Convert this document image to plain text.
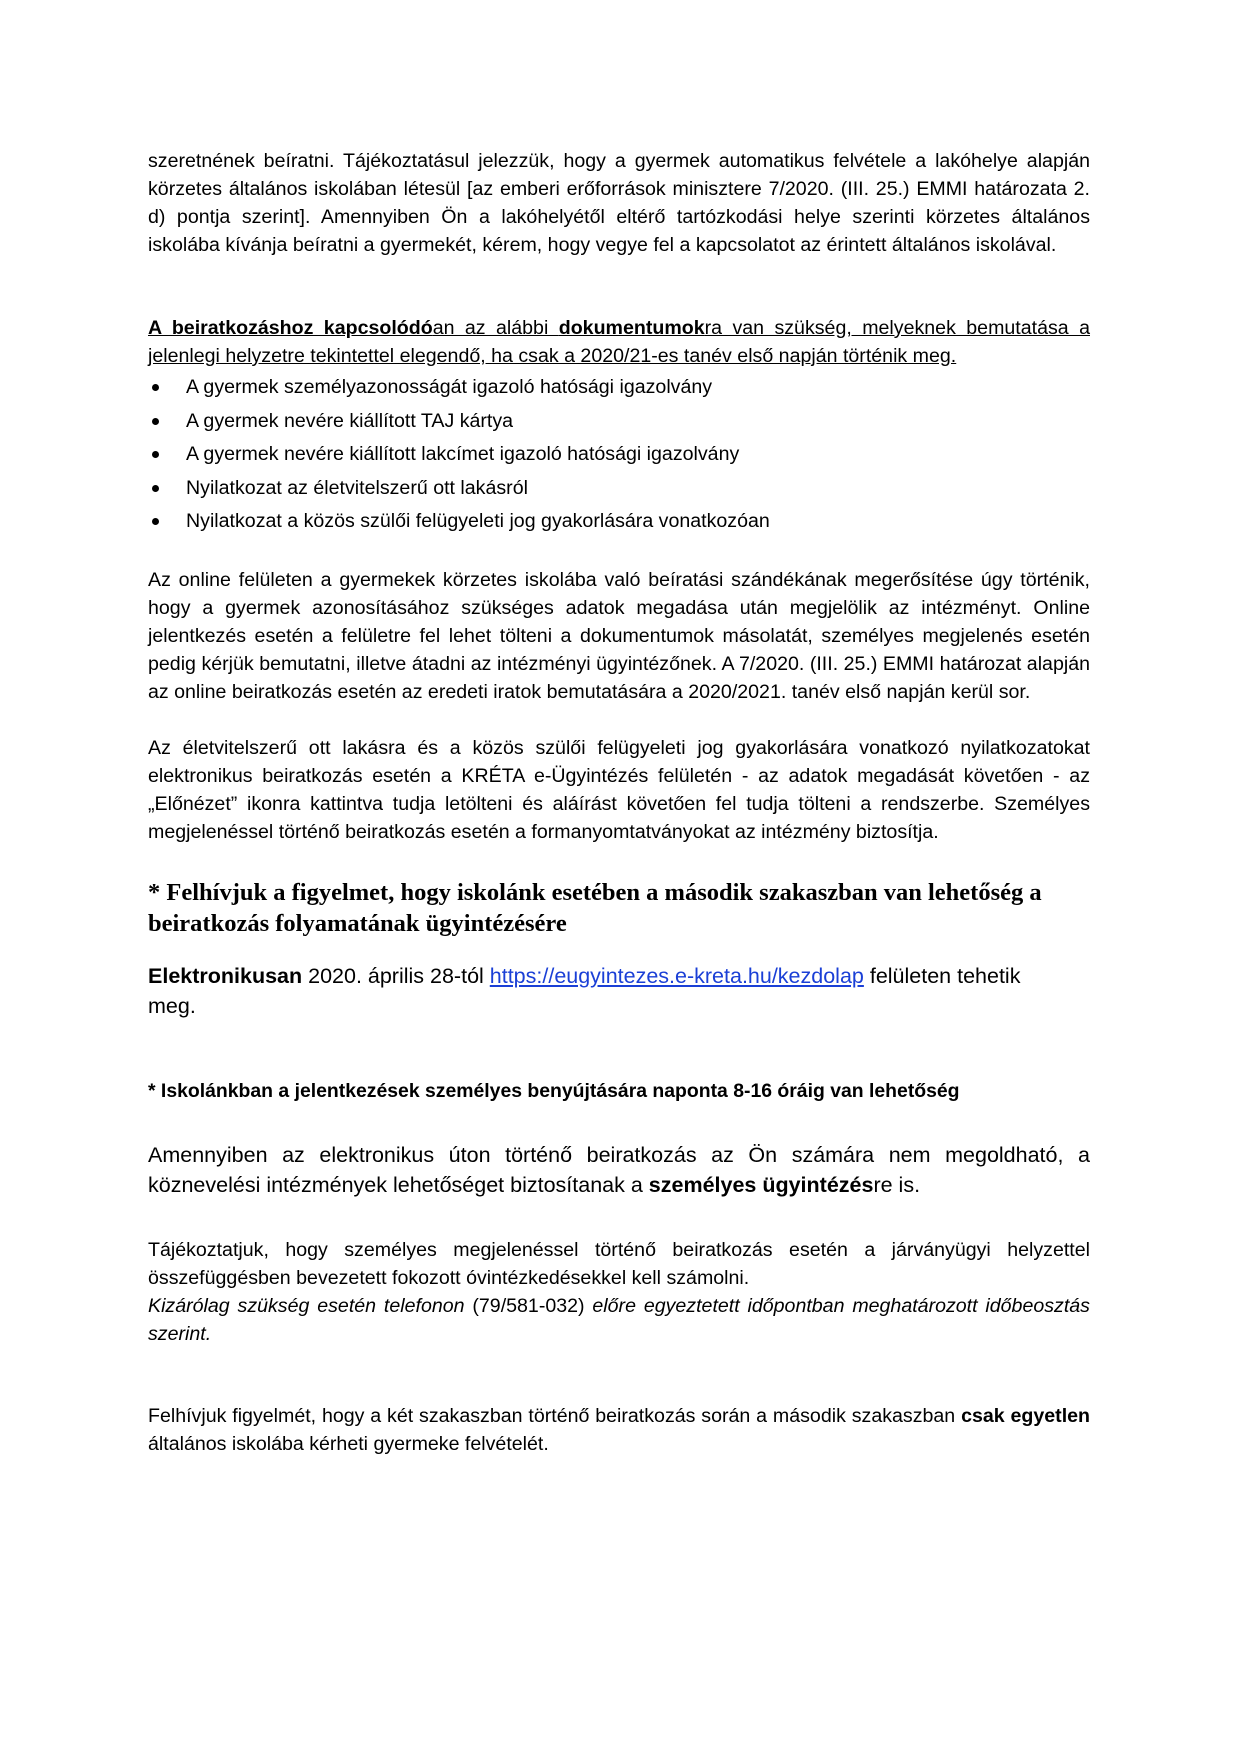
szeretnének beíratni. Tájékoztatásul jelezzük, hogy a gyermek automatikus felvétele a lakóhelye alapján körzetes általános iskolában létesül [az emberi erőforrások minisztere 7/2020. (III. 25.) EMMI határozata 2. d) pontja szerint]. Amennyiben Ön a lakóhelyétől eltérő tartózkodási helye szerinti körzetes általános iskolába kívánja beíratni a gyermekét, kérem, hogy vegye fel a kapcsolatot az érintett általános iskolával.

A beiratkozáshoz kapcsolódóan az alábbi dokumentumokra van szükség, melyeknek bemutatása a jelenlegi helyzetre tekintettel elegendő, ha csak a 2020/21-es tanév első napján történik meg.

A gyermek személyazonosságát igazoló hatósági igazolvány
A gyermek nevére kiállított TAJ kártya
A gyermek nevére kiállított lakcímet igazoló hatósági igazolvány
Nyilatkozat az életvitelszerű ott lakásról
Nyilatkozat a közös szülői felügyeleti jog gyakorlására vonatkozóan

Az online felületen a gyermekek körzetes iskolába való beíratási szándékának megerősítése úgy történik, hogy a gyermek azonosításához szükséges adatok megadása után megjelölik az intézményt. Online jelentkezés esetén a felületre fel lehet tölteni a dokumentumok másolatát, személyes megjelenés esetén pedig kérjük bemutatni, illetve átadni az intézményi ügyintézőnek. A 7/2020. (III. 25.) EMMI határozat alapján az online beiratkozás esetén az eredeti iratok bemutatására a 2020/2021. tanév első napján kerül sor.

Az életvitelszerű ott lakásra és a közös szülői felügyeleti jog gyakorlására vonatkozó nyilatkozatokat elektronikus beiratkozás esetén a KRÉTA e-Ügyintézés felületén - az adatok megadását követően - az „Előnézet” ikonra kattintva tudja letölteni és aláírást követően fel tudja tölteni a rendszerbe. Személyes megjelenéssel történő beiratkozás esetén a formanyomtatványokat az intézmény biztosítja.

* Felhívjuk a figyelmet, hogy iskolánk esetében a második szakaszban van lehetőség a beiratkozás folyamatának ügyintézésére

Elektronikusan 2020. április 28-tól https://eugyintezes.e-kreta.hu/kezdolap felületen tehetik meg.

* Iskolánkban a jelentkezések személyes benyújtására naponta 8-16 óráig van lehetőség

Amennyiben az elektronikus úton történő beiratkozás az Ön számára nem megoldható, a köznevelési intézmények lehetőséget biztosítanak a személyes ügyintézésre is.

Tájékoztatjuk, hogy személyes megjelenéssel történő beiratkozás esetén a járványügyi helyzettel összefüggésben bevezetett fokozott óvintézkedésekkel kell számolni.
Kizárólag szükség esetén telefonon (79/581-032) előre egyeztetett időpontban meghatározott időbeosztás szerint.

Felhívjuk figyelmét, hogy a két szakaszban történő beiratkozás során a második szakaszban csak egyetlen általános iskolába kérheti gyermeke felvételét.
